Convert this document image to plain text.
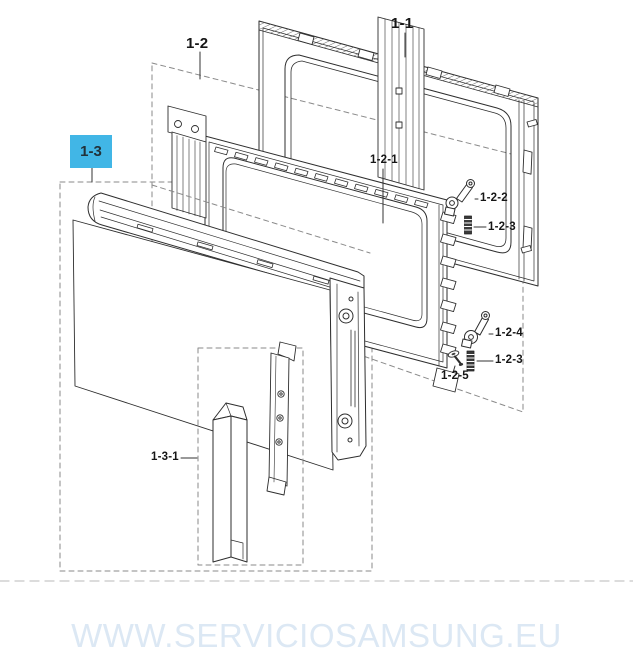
1-1
1-2
1-2-1
1-2-2
1-2-3
1-2-4
1-2-3
1-2-5
1-3-1
1-3
WWW.SERVICIOSAMSUNG.EU
